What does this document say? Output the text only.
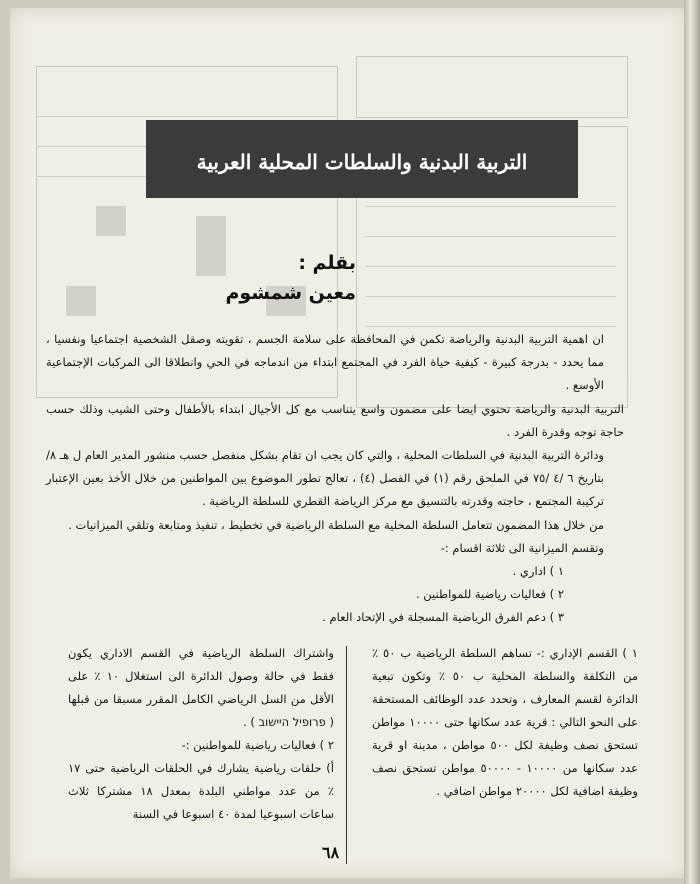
التربية البدنية والسلطات المحلية العربية
بقلم :
معين شمشوم

ان اهمية التربية البدنية والرياضة تكمن في المحافظة على سلامة الجسم ، تقويته وصقل الشخصية اجتماعيا ونفسيا ، مما يحدد - بدرجة كبيرة - كيفية حياة الفرد في المجتمع ابتداء من اندماجه في الحي وانطلاقا الى المركبات الإجتماعية الأوسع .

التربية البدنية والرياضة تحتوي ايضا على مضمون واسع يتناسب مع كل الأجيال ابتداء بالأطفال وحتى الشيب وذلك حسب حاجة توجه وقدرة الفرد .

ودائرة التربية البدنية في السلطات المحلية ، والتي كان يجب ان تقام بشكل منفصل حسب منشور المدير العام ل هـ ٨/ بتاريخ ٦ /٤ /٧٥ في الملحق رقم (١) في الفصل (٤) ، تعالج تطور الموضوع بين المواطنين من خلال الأخذ بعين الإعتبار تركيبة المجتمع ، حاجته وقدرته بالتنسيق مع مركز الرياضة القطري للسلطة الرياضية .

من خلال هذا المضمون تتعامل السلطة المحلية مع السلطة الرياضية في تخطيط ، تنفيذ ومتابعة وتلقي الميزانيات .

وتقسم الميزانية الى ثلاثة اقسام :-

١ ) اداري .

٢ ) فعاليات رياضية للمواطنين .

٣ ) دعم الفرق الرياضية المسجلة في الإتحاد العام .

١ ) القسم الإداري :- تساهم السلطة الرياضية ب ٥٠ ٪ من التكلفة والسلطة المحلية ب ٥٠ ٪ وتكون تبعية الدائرة لقسم المعارف ، وتحدد عدد الوظائف المستحقة على النحو التالي : قرية عدد سكانها حتى ١٠٠٠٠ مواطن تستحق نصف وظيفة لكل ٥٠٠ مواطن ، مدينة او قرية عدد سكانها من ١٠٠٠٠ - ٥٠٠٠٠ مواطن تستحق نصف وظيفة اضافية لكل ٢٠٠٠٠ مواطن اضافي .

واشتراك السلطة الرياضية في القسم الاداري يكون فقط في حالة وصول الدائرة الى استغلال ١٠ ٪ على الأقل من السل الرياضي الكامل المقرر مسبقا من قبلها ( פרופיל היישוב ) .

٢ ) فعاليات رياضية للمواطنين :-

أ) حلقات رياضية يشارك في الحلقات الرياضية حتى ١٧ ٪ من عدد مواطني البلدة بمعدل ١٨ مشتركا ثلاث ساعات اسبوعيا لمدة ٤٠ اسبوعا في السنة

٦٨
